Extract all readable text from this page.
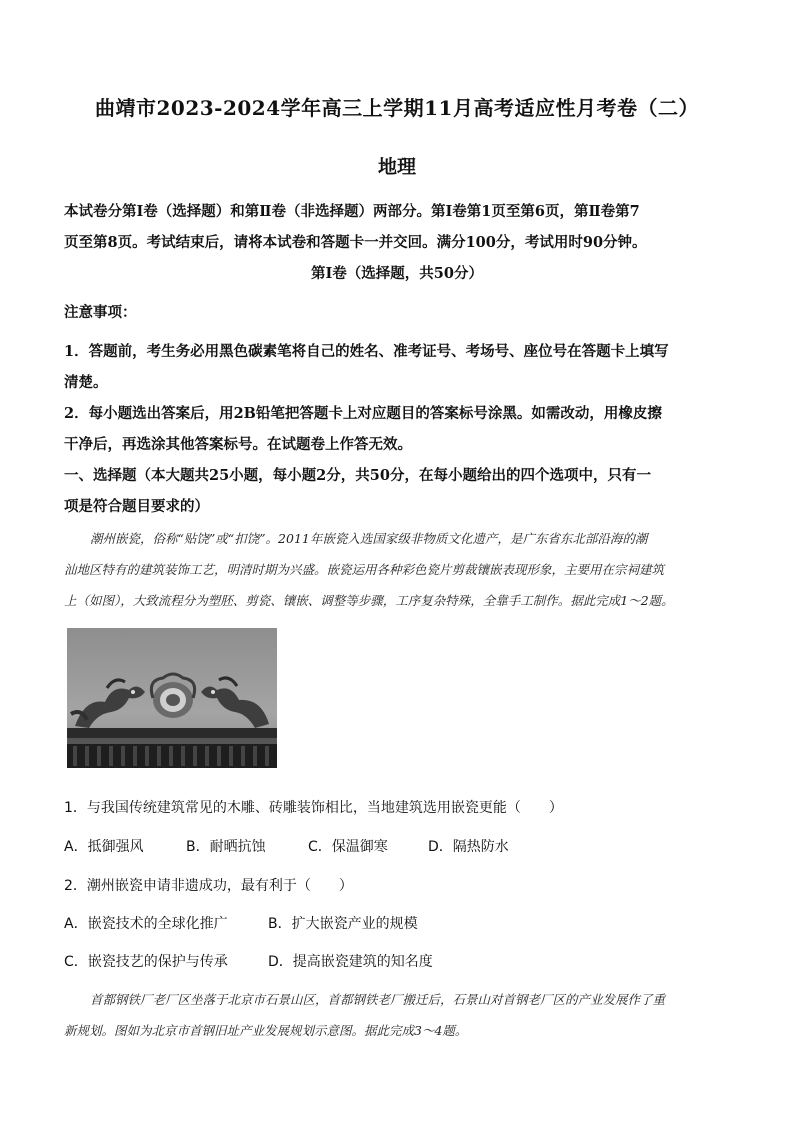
曲靖市2023-2024学年高三上学期11月高考适应性月考卷（二）
地理
本试卷分第Ⅰ卷（选择题）和第Ⅱ卷（非选择题）两部分。第Ⅰ卷第1页至第6页，第Ⅱ卷第7
页至第8页。考试结束后，请将本试卷和答题卡一并交回。满分100分，考试用时90分钟。
第Ⅰ卷（选择题，共50分）
注意事项：
1．答题前，考生务必用黑色碳素笔将自己的姓名、准考证号、考场号、座位号在答题卡上填写
清楚。
2．每小题选出答案后，用2B铅笔把答题卡上对应题目的答案标号涂黑。如需改动，用橡皮擦
干净后，再选涂其他答案标号。在试题卷上作答无效。
一、选择题（本大题共25小题，每小题2分，共50分，在每小题给出的四个选项中，只有一
项是符合题目要求的）
潮州嵌瓷，俗称“贴饶”或“扣饶”。2011年嵌瓷入选国家级非物质文化遗产，是广东省东北部沿海的潮
汕地区特有的建筑装饰工艺，明清时期为兴盛。嵌瓷运用各种彩色瓷片剪裁镶嵌表现形象，主要用在宗祠建筑
上（如图），大致流程分为塑胚、剪瓷、镶嵌、调整等步骤，工序复杂特殊，全靠手工制作。据此完成1～2题。
1．与我国传统建筑常见的木雕、砖雕装饰相比，当地建筑选用嵌瓷更能（　　）
A．抵御强风	B．耐晒抗蚀	C．保温御寒	D．隔热防水
2．潮州嵌瓷申请非遗成功，最有利于（　　）
A．嵌瓷技术的全球化推广	B．扩大嵌瓷产业的规模
C．嵌瓷技艺的保护与传承	D．提高嵌瓷建筑的知名度
首都钢铁厂老厂区坐落于北京市石景山区，首都钢铁老厂搬迁后，石景山对首钢老厂区的产业发展作了重
新规划。图如为北京市首钢旧址产业发展规划示意图。据此完成3～4题。
